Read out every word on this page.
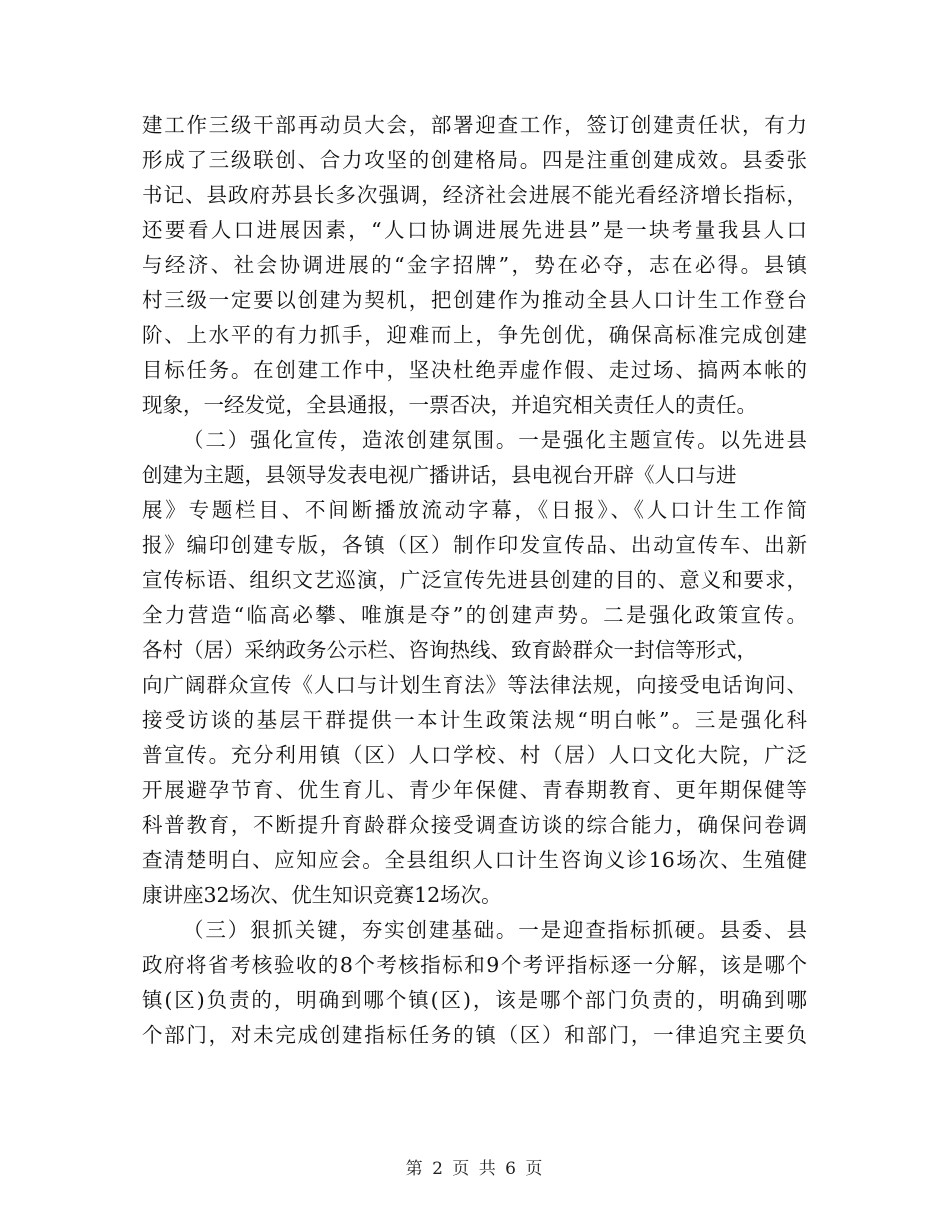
建工作三级干部再动员大会，部署迎查工作，签订创建责任状，有力
形成了三级联创、合力攻坚的创建格局。四是注重创建成效。县委张
书记、县政府苏县长多次强调，经济社会进展不能光看经济增长指标，
还要看人口进展因素，“人口协调进展先进县”是一块考量我县人口
与经济、社会协调进展的“金字招牌”，势在必夺，志在必得。县镇
村三级一定要以创建为契机，把创建作为推动全县人口计生工作登台
阶、上水平的有力抓手，迎难而上，争先创优，确保高标准完成创建
目标任务。在创建工作中，坚决杜绝弄虚作假、走过场、搞两本帐的
现象，一经发觉，全县通报，一票否决，并追究相关责任人的责任。
（二）强化宣传，造浓创建氛围。一是强化主题宣传。以先进县
创建为主题，县领导发表电视广播讲话，县电视台开辟《人口与进
展》专题栏目、不间断播放流动字幕，《日报》、《人口计生工作简
报》编印创建专版，各镇（区）制作印发宣传品、出动宣传车、出新
宣传标语、组织文艺巡演，广泛宣传先进县创建的目的、意义和要求，
全力营造“临高必攀、唯旗是夺”的创建声势。二是强化政策宣传。
各村（居）采纳政务公示栏、咨询热线、致育龄群众一封信等形式，
向广阔群众宣传《人口与计划生育法》等法律法规，向接受电话询问、
接受访谈的基层干群提供一本计生政策法规“明白帐”。三是强化科
普宣传。充分利用镇（区）人口学校、村（居）人口文化大院，广泛
开展避孕节育、优生育儿、青少年保健、青春期教育、更年期保健等
科普教育，不断提升育龄群众接受调查访谈的综合能力，确保问卷调
查清楚明白、应知应会。全县组织人口计生咨询义诊16场次、生殖健
康讲座32场次、优生知识竞赛12场次。
（三）狠抓关键，夯实创建基础。一是迎查指标抓硬。县委、县
政府将省考核验收的8个考核指标和9个考评指标逐一分解，该是哪个
镇(区)负责的，明确到哪个镇(区)，该是哪个部门负责的，明确到哪
个部门，对未完成创建指标任务的镇（区）和部门，一律追究主要负
第 2 页 共 6 页
